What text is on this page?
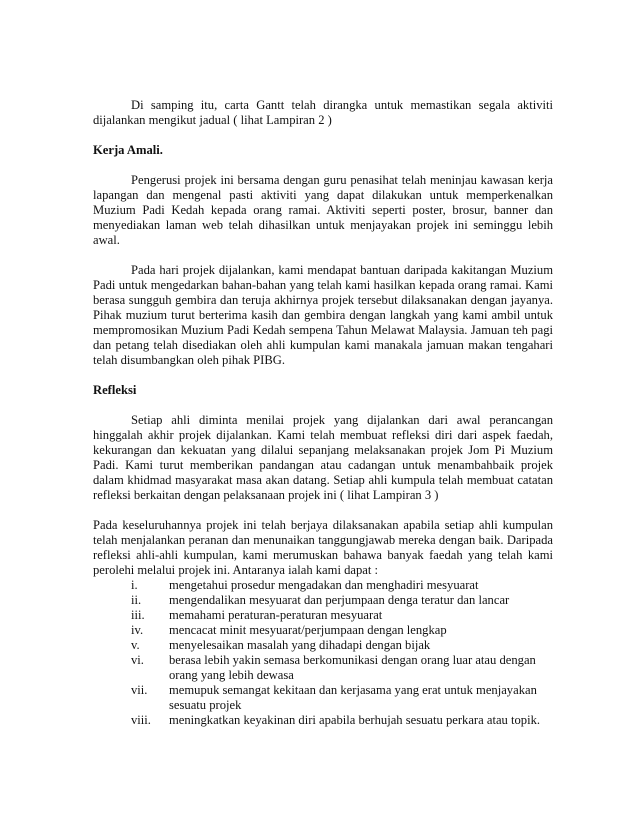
Di samping itu, carta Gantt telah dirangka untuk memastikan segala aktiviti dijalankan mengikut jadual ( lihat Lampiran 2 )

Kerja Amali.

Pengerusi projek ini bersama dengan guru penasihat telah meninjau kawasan kerja lapangan dan mengenal pasti aktiviti yang dapat dilakukan untuk memperkenalkan Muzium Padi Kedah kepada orang ramai. Aktiviti seperti poster, brosur, banner dan menyediakan laman web telah dihasilkan untuk menjayakan projek ini seminggu lebih awal.

Pada hari projek dijalankan, kami mendapat bantuan daripada kakitangan Muzium Padi untuk mengedarkan bahan-bahan yang telah kami hasilkan kepada orang ramai. Kami berasa sungguh gembira dan teruja akhirnya projek tersebut dilaksanakan dengan jayanya. Pihak muzium turut berterima kasih dan gembira dengan langkah yang kami ambil untuk mempromosikan Muzium Padi Kedah sempena Tahun Melawat Malaysia. Jamuan teh pagi dan petang telah disediakan oleh ahli kumpulan kami manakala jamuan makan tengahari telah disumbangkan oleh pihak PIBG.

Refleksi

Setiap ahli diminta menilai projek yang dijalankan dari awal perancangan hinggalah akhir projek dijalankan. Kami telah membuat refleksi diri dari aspek faedah, kekurangan dan kekuatan yang dilalui sepanjang melaksanakan projek Jom Pi Muzium Padi. Kami turut memberikan pandangan atau cadangan untuk menambahbaik projek dalam khidmad masyarakat masa akan datang. Setiap ahli kumpula telah membuat catatan refleksi berkaitan dengan pelaksanaan projek ini ( lihat Lampiran 3 )

Pada keseluruhannya projek ini telah berjaya dilaksanakan apabila setiap ahli kumpulan telah menjalankan peranan dan menunaikan tanggungjawab mereka dengan baik. Daripada refleksi ahli-ahli kumpulan, kami merumuskan bahawa banyak faedah yang telah kami perolehi melalui projek ini. Antaranya ialah kami dapat :

i.	mengetahui prosedur mengadakan dan menghadiri mesyuarat
ii.	mengendalikan mesyuarat dan perjumpaan denga teratur dan lancar
iii.	memahami peraturan-peraturan mesyuarat
iv.	mencacat minit mesyuarat/perjumpaan dengan lengkap
v.	menyelesaikan masalah yang dihadapi dengan bijak
vi.	berasa lebih yakin semasa berkomunikasi dengan orang luar atau dengan orang yang lebih dewasa
vii.	memupuk semangat kekitaan dan kerjasama yang erat untuk menjayakan sesuatu projek
viii.	meningkatkan keyakinan diri apabila berhujah sesuatu perkara atau topik.
